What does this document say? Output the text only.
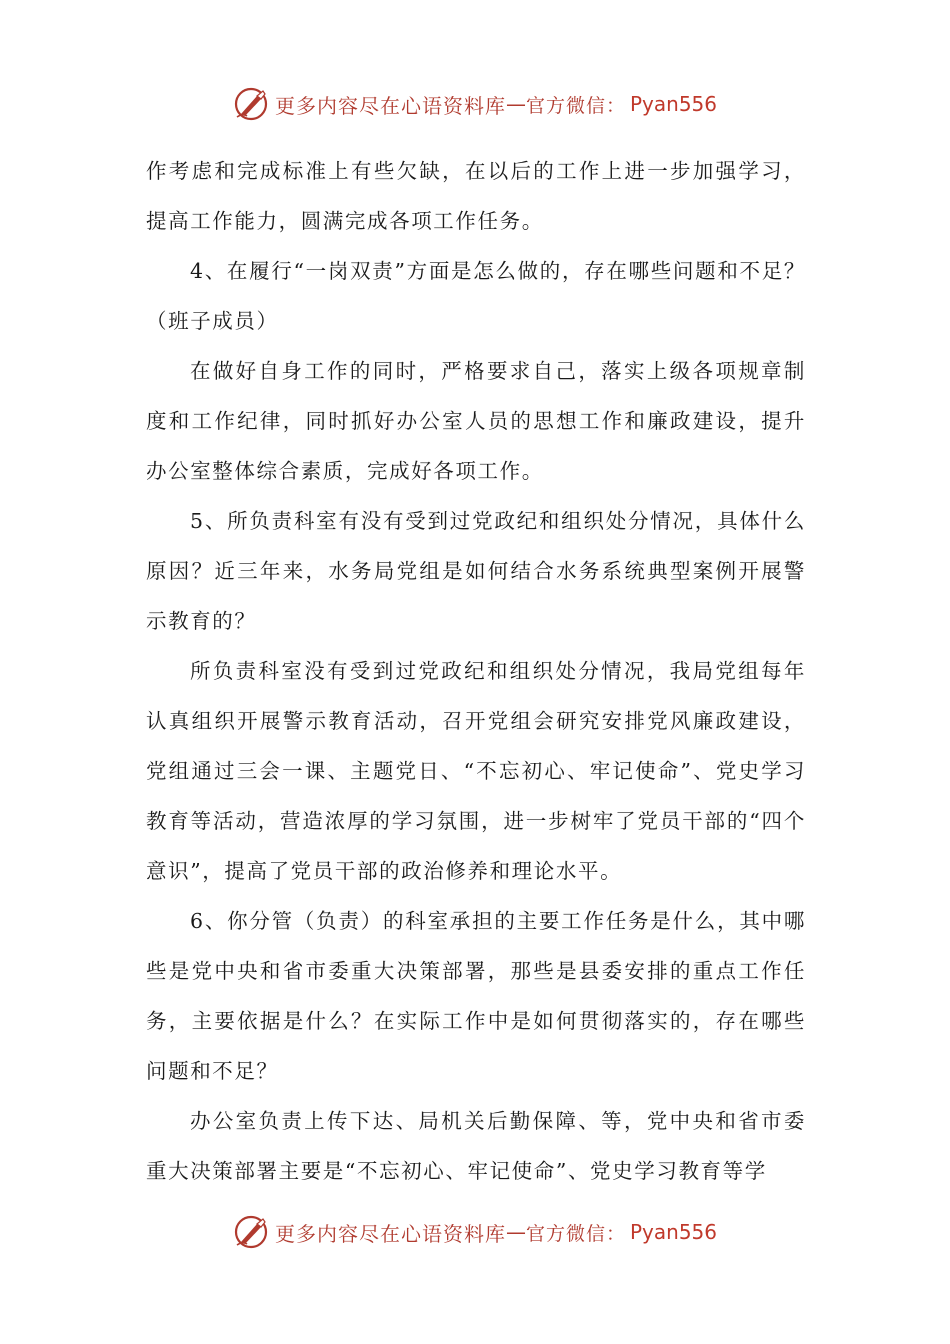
更多内容尽在心语资料库 — 官方微信： Pyan556

作考虑和完成标准上有些欠缺，在以后的工作上进一步加强学习，提高工作能力，圆满完成各项工作任务。

4、在履行“一岗双责”方面是怎么做的，存在哪些问题和不足？（班子成员）

在做好自身工作的同时，严格要求自己，落实上级各项规章制度和工作纪律，同时抓好办公室人员的思想工作和廉政建设，提升办公室整体综合素质，完成好各项工作。

5、所负责科室有没有受到过党政纪和组织处分情况，具体什么原因？近三年来，水务局党组是如何结合水务系统典型案例开展警示教育的？

所负责科室没有受到过党政纪和组织处分情况，我局党组每年认真组织开展警示教育活动，召开党组会研究安排党风廉政建设，党组通过三会一课、主题党日、“不忘初心、牢记使命”、党史学习教育等活动，营造浓厚的学习氛围，进一步树牢了党员干部的“四个意识”，提高了党员干部的政治修养和理论水平。

6、你分管（负责）的科室承担的主要工作任务是什么，其中哪些是党中央和省市委重大决策部署，那些是县委安排的重点工作任务，主要依据是什么？在实际工作中是如何贯彻落实的，存在哪些问题和不足？

办公室负责上传下达、局机关后勤保障、等，党中央和省市委重大决策部署主要是“不忘初心、牢记使命”、党史学习教育等学

更多内容尽在心语资料库 — 官方微信： Pyan556
